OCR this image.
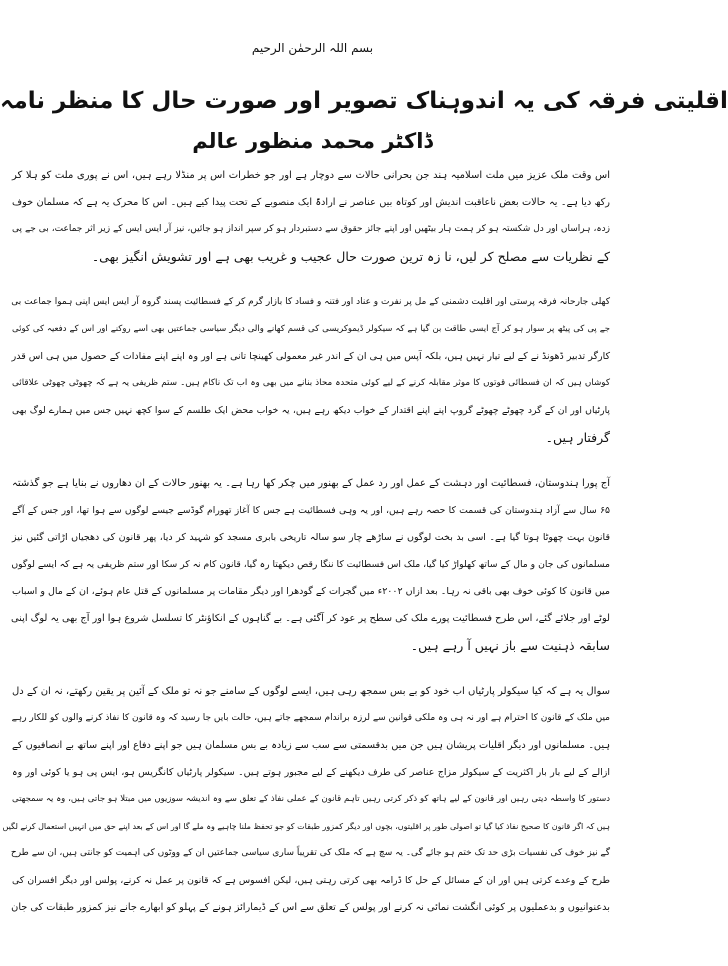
بسم اللہ الرحمٰن الرحیم
اقلیتی فرقہ کی یہ اندوہناک تصویر اور صورت حال کا منظر نامہ
ڈاکٹر محمد منظور عالم
اس وقت ملک عزیز میں ملت اسلامیہ ہند جن بحرانی حالات سے دوچار ہے اور جو خطرات اس پر منڈلا رہے ہیں، اس نے پوری ملت کو ہلا کر
رکھ دیا ہے۔ یہ حالات بعض ناعاقبت اندیش اور کوتاہ بیں عناصر نے ارادۃً ایک منصوبے کے تحت پیدا کیے ہیں۔ اس کا محرک یہ ہے کہ مسلمان خوف
زدہ، ہراساں اور دل شکستہ ہو کر ہمت ہار بیٹھیں اور اپنے جائز حقوق سے دستبردار ہو کر سپر انداز ہو جائیں، نیز آر ایس ایس کے زیر اثر جماعت، بی جے پی
کے نظریات سے مصلح کر لیں، نا زہ ترین صورت حال عجیب و غریب بھی ہے اور تشویش انگیز بھی۔
کھلی جارحانہ فرقہ پرستی اور اقلیت دشمنی کے مل پر نفرت و عناد اور فتنہ و فساد کا بازار گرم کر کے فسطائیت پسند گروہ آر ایس ایس اپنی ہموا جماعت بی
جے پی کی پیٹھ پر سوار ہو کر آج ایسی طاقت بن گیا ہے کہ سیکولر ڈیموکریسی کی قسم کھانے والی دیگر سیاسی جماعتیں بھی اسے روکنے اور اس کے دفعیہ کی کوئی
کارگر تدبیر ڈھونڈ نے کے لیے تیار نہیں ہیں، بلکہ آپس میں ہی ان کے اندر غیر معمولی کھینچا تانی ہے اور وہ اپنے اپنے مفادات کے حصول میں ہی اس قدر
کوشاں ہیں کہ ان فسطائی قوتوں کا موثر مقابلہ کرنے کے لیے کوئی متحدہ محاذ بنانے میں بھی وہ اب تک ناکام ہیں۔ ستم ظریفی یہ ہے کہ چھوٹی چھوٹی علاقائی
پارٹیاں اور ان کے گرد چھوٹے چھوٹے گروپ اپنے اپنے اقتدار کے خواب دیکھ رہے ہیں، یہ خواب محض ایک طلسم کے سوا کچھ نہیں جس میں ہمارے لوگ بھی
گرفتار ہیں۔
آج پورا ہندوستان، فسطائیت اور دہشت کے عمل اور رد عمل کے بھنور میں چکر کھا رہا ہے۔ یہ بھنور حالات کے ان دھاروں نے بنایا ہے جو گذشتہ
۶۵ سال سے آزاد ہندوستان کی قسمت کا حصہ رہے ہیں، اور یہ وہی فسطائیت ہے جس کا آغاز تھورام گوڈسے جیسے لوگوں سے ہوا تھا، اور جس کے آگے
قانون بہت چھوٹا ہوتا گیا ہے۔ اسی بد بخت لوگوں نے ساڑھے چار سو سالہ تاریخی بابری مسجد کو شہید کر دیا، پھر قانون کی دھجیاں اڑاتی گئیں نیز
مسلمانوں کی جان و مال کے ساتھ کھلواڑ کیا گیا، ملک اس فسطائیت کا ننگا رقص دیکھتا رہ گیا، قانون کام نہ کر سکا اور ستم ظریفی یہ ہے کہ ایسے لوگوں
میں قانون کا کوئی خوف بھی باقی نہ رہا۔ بعد ازاں ۲۰۰۲ء میں گجرات کے گودھرا اور دیگر مقامات پر مسلمانوں کے قتل عام ہوئے، ان کے مال و اسباب
لوٹے اور جلائے گئے، اس طرح فسطائیت پورے ملک کی سطح پر عود کر آگئی ہے۔ بے گناہوں کے انکاؤنٹر کا تسلسل شروع ہوا اور آج بھی یہ لوگ اپنی
سابقہ ذہنیت سے باز نہیں آ رہے ہیں۔
سوال یہ ہے کہ کیا سیکولر پارٹیاں اب خود کو بے بس سمجھ رہی ہیں، ایسے لوگوں کے سامنے جو نہ تو ملک کے آئین پر یقین رکھتے، نہ ان کے دل
میں ملک کے قانون کا احترام ہے اور نہ ہی وہ ملکی قوانین سے لرزہ براندام سمجھے جاتے ہیں، حالت بایں جا رسید کہ وہ قانون کا نفاذ کرنے والوں کو للکار رہے
ہیں۔ مسلمانوں اور دیگر اقلیات پریشان ہیں جن میں بدقسمتی سے سب سے زیادہ بے بس مسلمان ہیں جو اپنے دفاع اور اپنے ساتھ بے انصافیوں کے
ازالے کے لیے بار بار اکثریت کے سیکولر مزاج عناصر کی طرف دیکھنے کے لیے مجبور ہوتے ہیں۔ سیکولر پارٹیاں کانگریس ہو، ایس پی ہو یا کوئی اور وہ
دستور کا واسطہ دیتی رہیں اور قانون کے لیے ہاتھ کو ذکر کرتی رہیں تاہم قانون کے عملی نفاذ کے تعلق سے وہ اندیشہ سوزیوں میں مبتلا ہو جاتی ہیں، وہ یہ سمجھتی
ہیں کہ اگر قانون کا صحیح نفاذ کیا گیا تو اصولی طور پر اقلیتوں، بچوں اور دیگر کمزور طبقات کو جو تحفظ ملنا چاہیے وہ ملے گا اور اس کے بعد اپنے حق میں انہیں استعمال کرنے لگیں
گے نیز خوف کی نفسیات بڑی حد تک ختم ہو جائے گی۔ یہ سچ ہے کہ ملک کی تقریباً ساری سیاسی جماعتیں ان کے ووٹوں کی اہمیت کو جانتی ہیں، ان سے طرح
طرح کے وعدے کرتی ہیں اور ان کے مسائل کے حل کا ڈرامہ بھی کرتی رہتی ہیں، لیکن افسوس ہے کہ قانون پر عمل نہ کرنے، پولس اور دیگر افسران کی
بدعنوانیوں و بدعملیوں پر کوئی انگشت نمائی نہ کرنے اور پولس کے تعلق سے اس کے ڈیمارائز ہونے کے پہلو کو ابھارے جانے نیز کمزور طبقات کی جان
